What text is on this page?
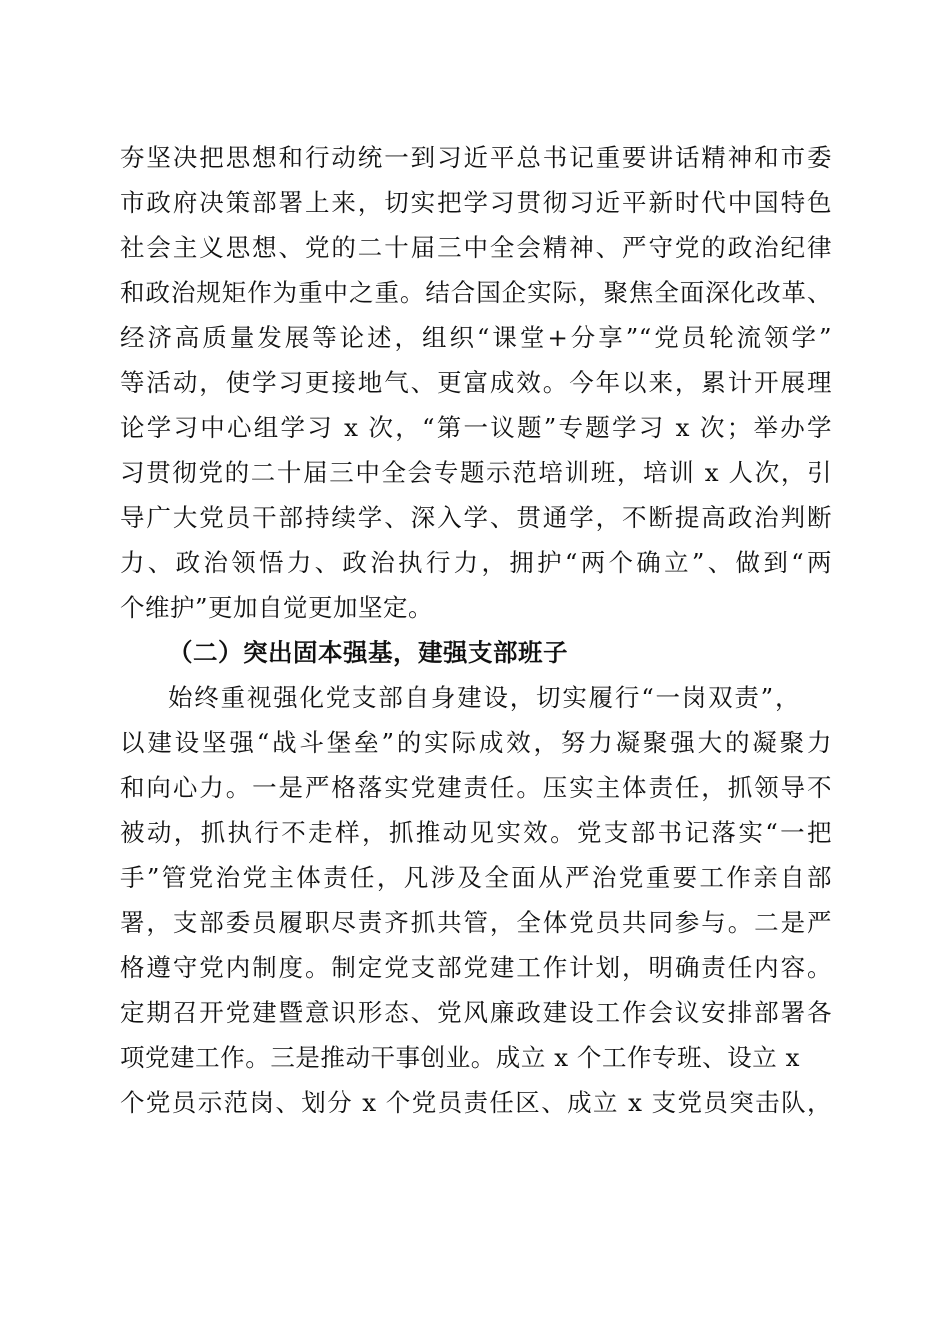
夯坚决把思想和行动统一到习近平总书记重要讲话精神和市委
市政府决策部署上来，切实把学习贯彻习近平新时代中国特色
社会主义思想、党的二十届三中全会精神、严守党的政治纪律
和政治规矩作为重中之重。结合国企实际，聚焦全面深化改革、
经济高质量发展等论述，组织“课堂+分享”“党员轮流领学”
等活动，使学习更接地气、更富成效。今年以来，累计开展理
论学习中心组学习 x 次，“第一议题”专题学习 x 次；举办学
习贯彻党的二十届三中全会专题示范培训班，培训 x 人次，引
导广大党员干部持续学、深入学、贯通学，不断提高政治判断
力、政治领悟力、政治执行力，拥护“两个确立”、做到“两
个维护”更加自觉更加坚定。
（二）突出固本强基，建强支部班子
始终重视强化党支部自身建设，切实履行“一岗双责”，
以建设坚强“战斗堡垒”的实际成效，努力凝聚强大的凝聚力
和向心力。一是严格落实党建责任。压实主体责任，抓领导不
被动，抓执行不走样，抓推动见实效。党支部书记落实“一把
手”管党治党主体责任，凡涉及全面从严治党重要工作亲自部
署，支部委员履职尽责齐抓共管，全体党员共同参与。二是严
格遵守党内制度。制定党支部党建工作计划，明确责任内容。
定期召开党建暨意识形态、党风廉政建设工作会议安排部署各
项党建工作。三是推动干事创业。成立 x 个工作专班、设立 x
个党员示范岗、划分 x 个党员责任区、成立 x 支党员突击队，
